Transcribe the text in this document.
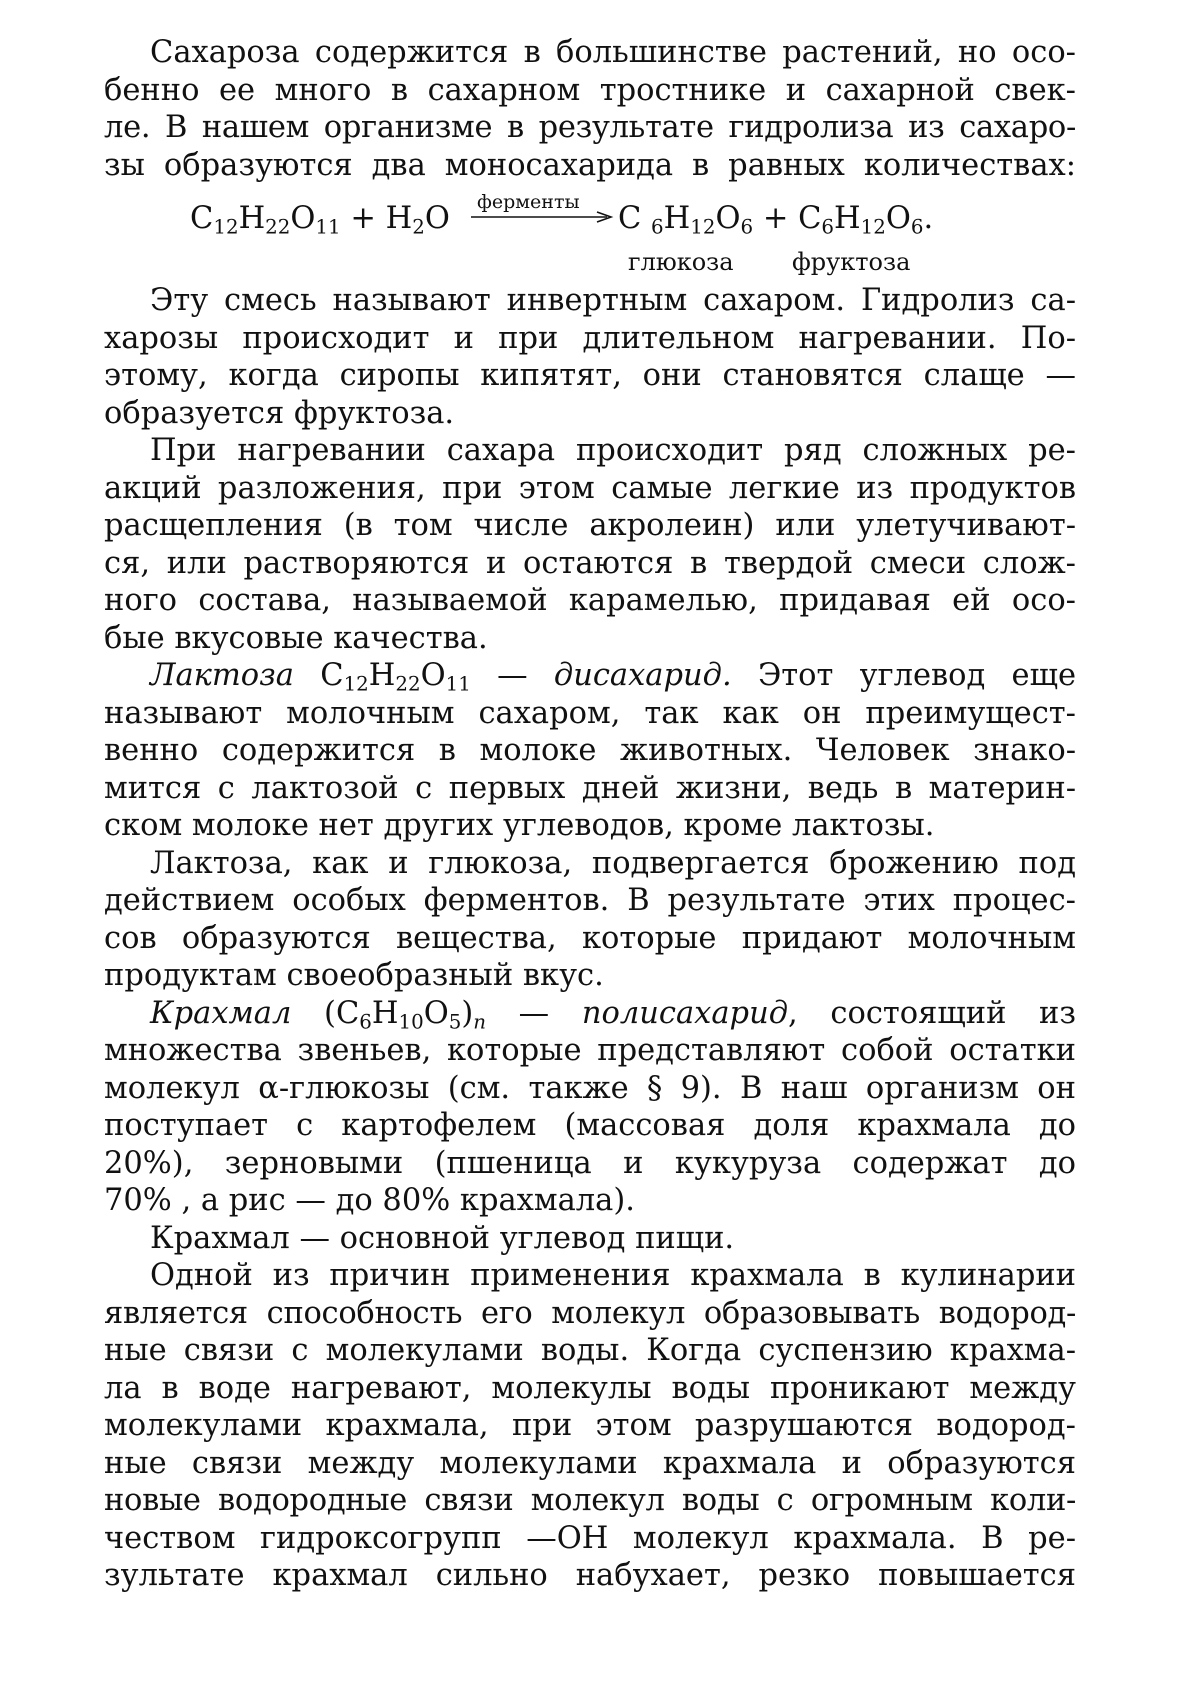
Сахароза содержится в большинстве растений, но осо-
бенно ее много в сахарном тростнике и сахарной свек-
ле. В нашем организме в результате гидролиза из сахаро-
зы образуются два моносахарида в равных количествах:
$C_{12}H_{22}O_{11} + H_2O$ ферменты C $_6H_{12}O_6 + C_6H_{12}O_6$.
глюкоза фруктоза
Эту смесь называют инвертным сахаром. Гидролиз са-
харозы происходит и при длительном нагревании. По-
этому, когда сиропы кипятят, они становятся слаще —
образуется фруктоза.
При нагревании сахара происходит ряд сложных ре-
акций разложения, при этом самые легкие из продуктов
расщепления (в том числе акролеин) или улетучивают-
ся, или растворяются и остаются в твердой смеси слож-
ного состава, называемой карамелью, придавая ей осо-
бые вкусовые качества.
Лактоза $C_{12}H_{22}O_{11}$ — дисахарид. Этот углевод еще
называют молочным сахаром, так как он преимущест-
венно содержится в молоке животных. Человек знако-
мится с лактозой с первых дней жизни, ведь в материн-
ском молоке нет других углеводов, кроме лактозы.
Лактоза, как и глюкоза, подвергается брожению под
действием особых ферментов. В результате этих процес-
сов образуются вещества, которые придают молочным
продуктам своеобразный вкус.
Крахмал $(C_6H_{10}O_5)_n$ — полисахарид, состоящий из
множества звеньев, которые представляют собой остатки
молекул α-глюкозы (см. также § 9). В наш организм он
поступает с картофелем (массовая доля крахмала до
20%), зерновыми (пшеница и кукуруза содержат до
70% , а рис — до 80% крахмала).
Крахмал — основной углевод пищи.
Одной из причин применения крахмала в кулинарии
является способность его молекул образовывать водород-
ные связи с молекулами воды. Когда суспензию крахма-
ла в воде нагревают, молекулы воды проникают между
молекулами крахмала, при этом разрушаются водород-
ные связи между молекулами крахмала и образуются
новые водородные связи молекул воды с огромным коли-
чеством гидроксогрупп —OH молекул крахмала. В ре-
зультате крахмал сильно набухает, резко повышается
